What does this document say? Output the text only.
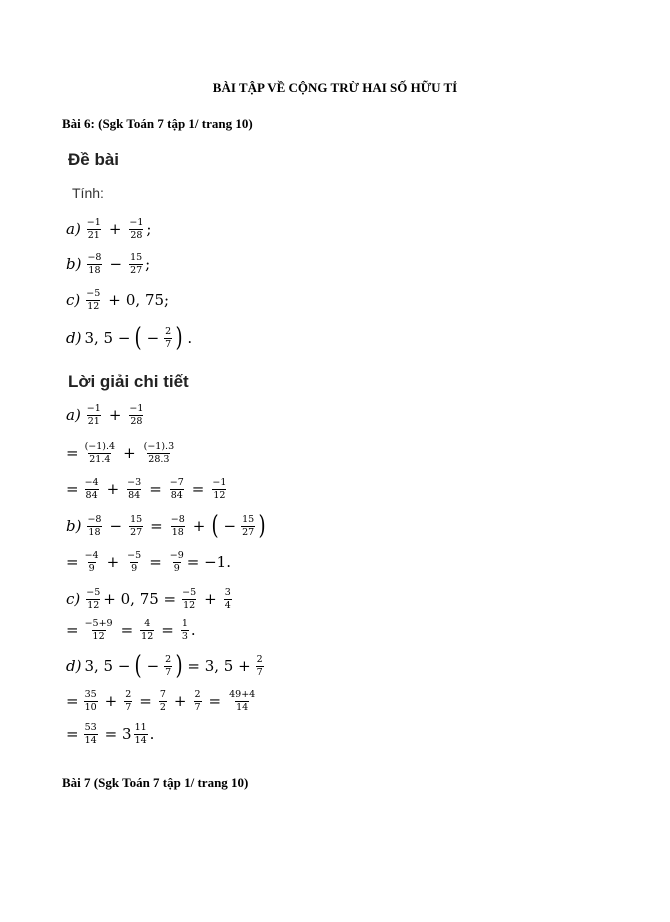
BÀI TẬP VỀ CỘNG TRỪ HAI SỐ HỮU TỈ
Bài 6: (Sgk Toán 7 tập 1/ trang 10)
Đề bài
Tính:
$a) \frac{-1}{21} + \frac{-1}{28}$ ;
$b) \frac{-8}{18} - \frac{15}{27}$ ;
$c) \frac{-5}{12} + 0$, 75;
d) 3, 5 − ( − $\frac{2}{7}$ ) .
Lời giải chi tiết
$a) \frac{-1}{21} + \frac{-1}{28}$
= $\frac{(-1).4}{21.4} + \frac{(-1).3}{28.3}$
= $\frac{-4}{84} + \frac{-3}{84} = \frac{-7}{84} = \frac{-1}{12}$
$b) \frac{-8}{18} - \frac{15}{27} = \frac{-8}{18}$ + ( − $\frac{15}{27}$ )
= $\frac{-4}{9} + \frac{-5}{9} = \frac{-9}{9} = -1$.
$c) \frac{-5}{12} + 0$, $75 = \frac{-5}{12} + \frac{3}{4}$
= $\frac{-5+9}{12} = \frac{4}{12} = \frac{1}{3}$ .
d) 3, 5 − ( − $\frac{2}{7}$ ) = 3, $5 + \frac{2}{7}$
= $\frac{35}{10} + \frac{2}{7} = \frac{7}{2} + \frac{2}{7} = \frac{49+4}{14}$
= $\frac{53}{14} = 3 \frac{11}{14}$ .
Bài 7 (Sgk Toán 7 tập 1/ trang 10)
